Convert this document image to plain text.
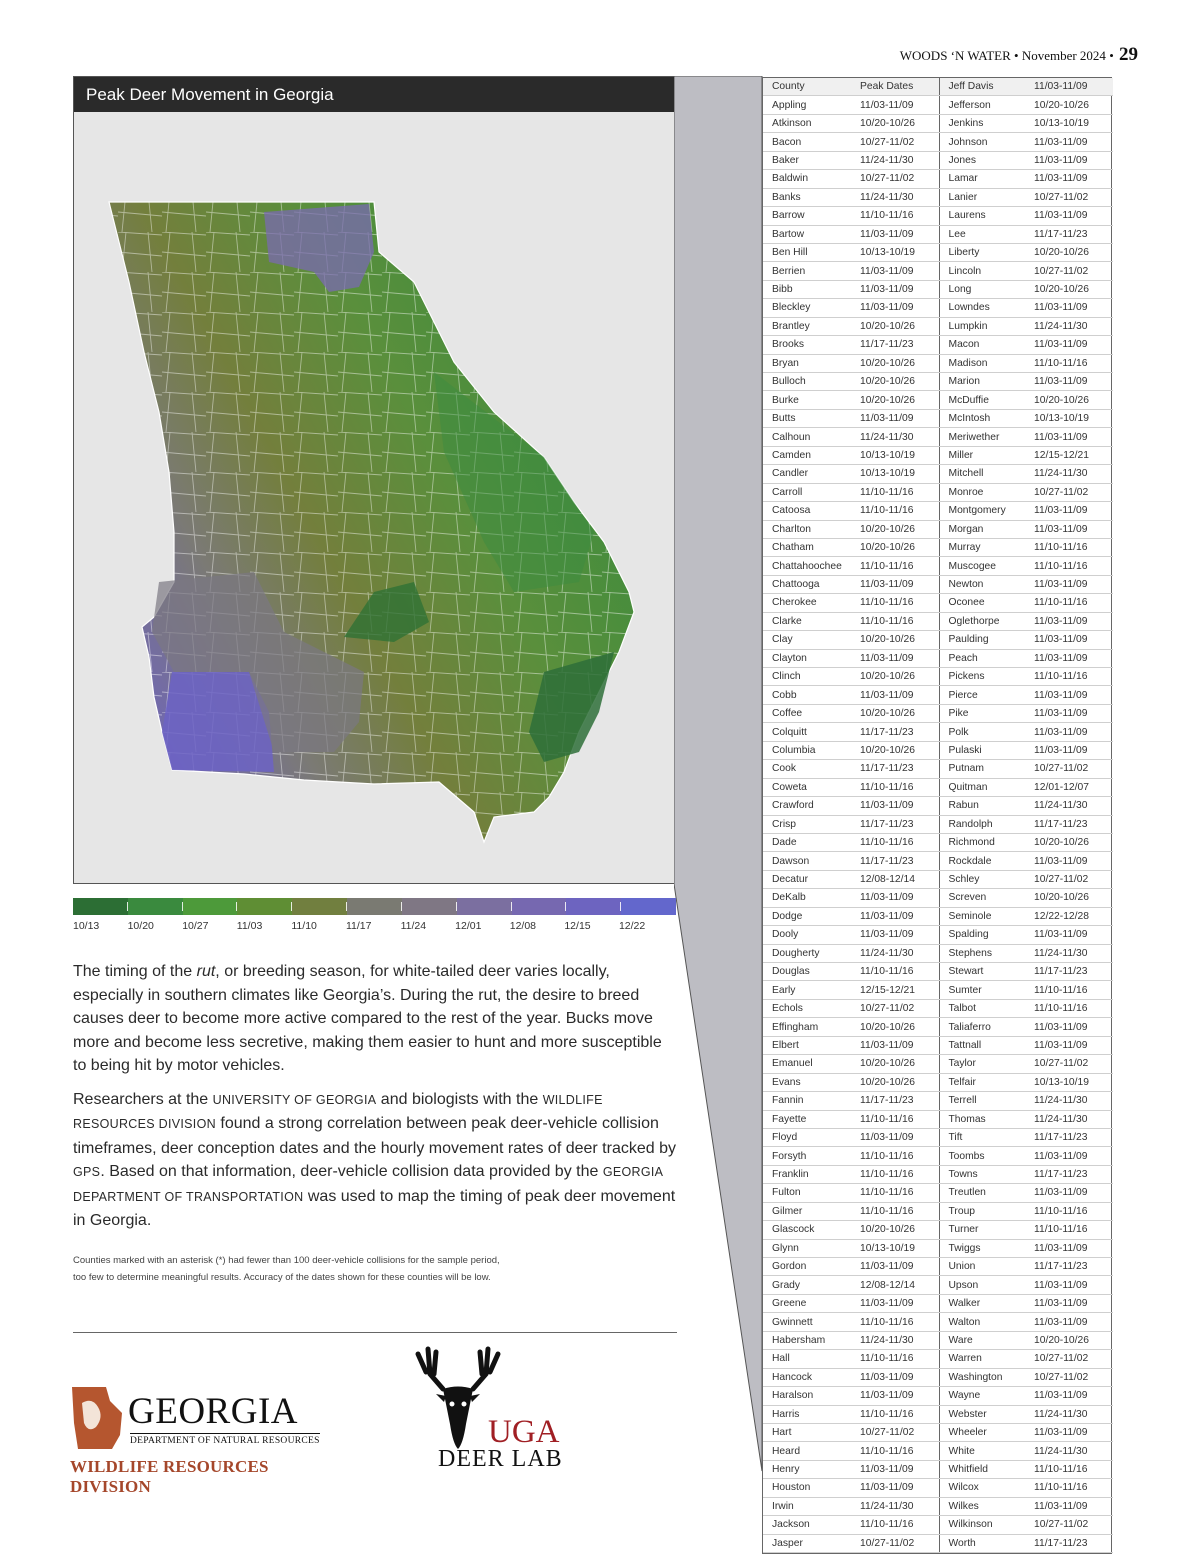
WOODS ‘N WATER • November 2024 • 29
Peak Deer Movement in Georgia
10/13	10/20	10/27	11/03	11/10	11/17	11/24	12/01	12/08	12/15	12/22

The timing of the rut, or breeding season, for white-tailed deer varies locally, especially in southern climates like Georgia’s. During the rut, the desire to breed causes deer to become more active compared to the rest of the year. Bucks move more and become less secretive, making them easier to hunt and more susceptible to being hit by motor vehicles.

Researchers at the UNIVERSITY OF GEORGIA and biologists with the WILDLIFE RESOURCES DIVISION found a strong correlation between peak deer-vehicle collision timeframes, deer conception dates and the hourly movement rates of deer tracked by GPS. Based on that information, deer-vehicle collision data provided by the GEORGIA DEPARTMENT OF TRANSPORTATION was used to map the timing of peak deer movement in Georgia.

Counties marked with an asterisk (*) had fewer than 100 deer-vehicle collisions for the sample period, too few to determine meaningful results. Accuracy of the dates shown for these counties will be low.
GEORGIA
DEPARTMENT OF NATURAL RESOURCES
WILDLIFE RESOURCES DIVISION
UGA
DEER LAB
County	Peak Dates	Jeff Davis	11/03-11/09
Appling	11/03-11/09	Jefferson	10/20-10/26
Atkinson	10/20-10/26	Jenkins	10/13-10/19
Bacon	10/27-11/02	Johnson	11/03-11/09
Baker	11/24-11/30	Jones	11/03-11/09
Baldwin	10/27-11/02	Lamar	11/03-11/09
Banks	11/24-11/30	Lanier	10/27-11/02
Barrow	11/10-11/16	Laurens	11/03-11/09
Bartow	11/03-11/09	Lee	11/17-11/23
Ben Hill	10/13-10/19	Liberty	10/20-10/26
Berrien	11/03-11/09	Lincoln	10/27-11/02
Bibb	11/03-11/09	Long	10/20-10/26
Bleckley	11/03-11/09	Lowndes	11/03-11/09
Brantley	10/20-10/26	Lumpkin	11/24-11/30
Brooks	11/17-11/23	Macon	11/03-11/09
Bryan	10/20-10/26	Madison	11/10-11/16
Bulloch	10/20-10/26	Marion	11/03-11/09
Burke	10/20-10/26	McDuffie	10/20-10/26
Butts	11/03-11/09	McIntosh	10/13-10/19
Calhoun	11/24-11/30	Meriwether	11/03-11/09
Camden	10/13-10/19	Miller	12/15-12/21
Candler	10/13-10/19	Mitchell	11/24-11/30
Carroll	11/10-11/16	Monroe	10/27-11/02
Catoosa	11/10-11/16	Montgomery	11/03-11/09
Charlton	10/20-10/26	Morgan	11/03-11/09
Chatham	10/20-10/26	Murray	11/10-11/16
Chattahoochee	11/10-11/16	Muscogee	11/10-11/16
Chattooga	11/03-11/09	Newton	11/03-11/09
Cherokee	11/10-11/16	Oconee	11/10-11/16
Clarke	11/10-11/16	Oglethorpe	11/03-11/09
Clay	10/20-10/26	Paulding	11/03-11/09
Clayton	11/03-11/09	Peach	11/03-11/09
Clinch	10/20-10/26	Pickens	11/10-11/16
Cobb	11/03-11/09	Pierce	11/03-11/09
Coffee	10/20-10/26	Pike	11/03-11/09
Colquitt	11/17-11/23	Polk	11/03-11/09
Columbia	10/20-10/26	Pulaski	11/03-11/09
Cook	11/17-11/23	Putnam	10/27-11/02
Coweta	11/10-11/16	Quitman	12/01-12/07
Crawford	11/03-11/09	Rabun	11/24-11/30
Crisp	11/17-11/23	Randolph	11/17-11/23
Dade	11/10-11/16	Richmond	10/20-10/26
Dawson	11/17-11/23	Rockdale	11/03-11/09
Decatur	12/08-12/14	Schley	10/27-11/02
DeKalb	11/03-11/09	Screven	10/20-10/26
Dodge	11/03-11/09	Seminole	12/22-12/28
Dooly	11/03-11/09	Spalding	11/03-11/09
Dougherty	11/24-11/30	Stephens	11/24-11/30
Douglas	11/10-11/16	Stewart	11/17-11/23
Early	12/15-12/21	Sumter	11/10-11/16
Echols	10/27-11/02	Talbot	11/10-11/16
Effingham	10/20-10/26	Taliaferro	11/03-11/09
Elbert	11/03-11/09	Tattnall	11/03-11/09
Emanuel	10/20-10/26	Taylor	10/27-11/02
Evans	10/20-10/26	Telfair	10/13-10/19
Fannin	11/17-11/23	Terrell	11/24-11/30
Fayette	11/10-11/16	Thomas	11/24-11/30
Floyd	11/03-11/09	Tift	11/17-11/23
Forsyth	11/10-11/16	Toombs	11/03-11/09
Franklin	11/10-11/16	Towns	11/17-11/23
Fulton	11/10-11/16	Treutlen	11/03-11/09
Gilmer	11/10-11/16	Troup	11/10-11/16
Glascock	10/20-10/26	Turner	11/10-11/16
Glynn	10/13-10/19	Twiggs	11/03-11/09
Gordon	11/03-11/09	Union	11/17-11/23
Grady	12/08-12/14	Upson	11/03-11/09
Greene	11/03-11/09	Walker	11/03-11/09
Gwinnett	11/10-11/16	Walton	11/03-11/09
Habersham	11/24-11/30	Ware	10/20-10/26
Hall	11/10-11/16	Warren	10/27-11/02
Hancock	11/03-11/09	Washington	10/27-11/02
Haralson	11/03-11/09	Wayne	11/03-11/09
Harris	11/10-11/16	Webster	11/24-11/30
Hart	10/27-11/02	Wheeler	11/03-11/09
Heard	11/10-11/16	White	11/24-11/30
Henry	11/03-11/09	Whitfield	11/10-11/16
Houston	11/03-11/09	Wilcox	11/10-11/16
Irwin	11/24-11/30	Wilkes	11/03-11/09
Jackson	11/10-11/16	Wilkinson	10/27-11/02
Jasper	10/27-11/02	Worth	11/17-11/23
